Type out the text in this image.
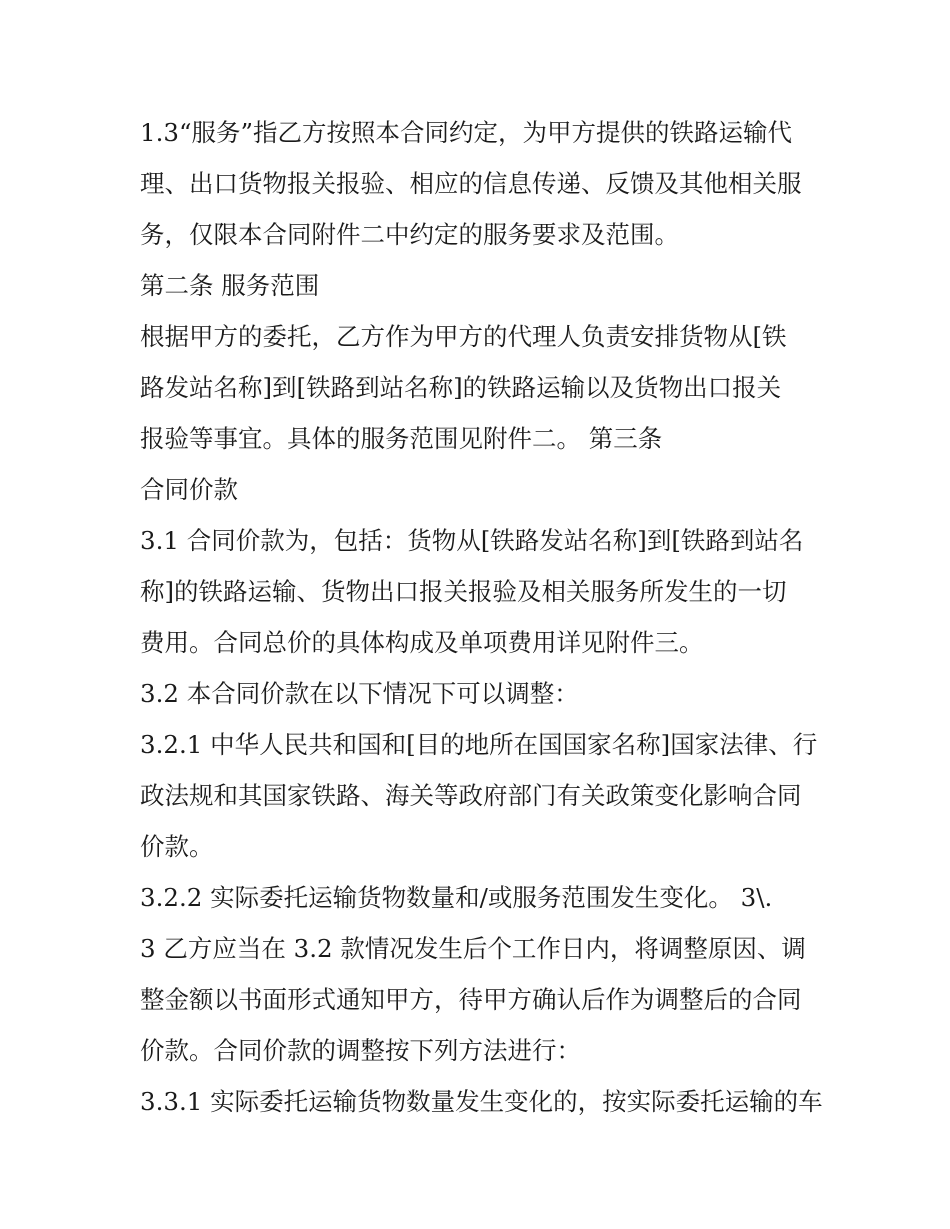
1.3“服务”指乙方按照本合同约定，为甲方提供的铁路运输代
理、出口货物报关报验、相应的信息传递、反馈及其他相关服
务，仅限本合同附件二中约定的服务要求及范围。
第二条 服务范围
根据甲方的委托，乙方作为甲方的代理人负责安排货物从[铁
路发站名称]到[铁路到站名称]的铁路运输以及货物出口报关
报验等事宜。具体的服务范围见附件二。 第三条
合同价款
3.1 合同价款为，包括：货物从[铁路发站名称]到[铁路到站名
称]的铁路运输、货物出口报关报验及相关服务所发生的一切
费用。合同总价的具体构成及单项费用详见附件三。
3.2 本合同价款在以下情况下可以调整：
3.2.1 中华人民共和国和[目的地所在国国家名称]国家法律、行
政法规和其国家铁路、海关等政府部门有关政策变化影响合同
价款。
3.2.2 实际委托运输货物数量和/或服务范围发生变化。 3\.
3 乙方应当在 3.2 款情况发生后个工作日内，将调整原因、调
整金额以书面形式通知甲方，待甲方确认后作为调整后的合同
价款。合同价款的调整按下列方法进行：
3.3.1 实际委托运输货物数量发生变化的，按实际委托运输的车
